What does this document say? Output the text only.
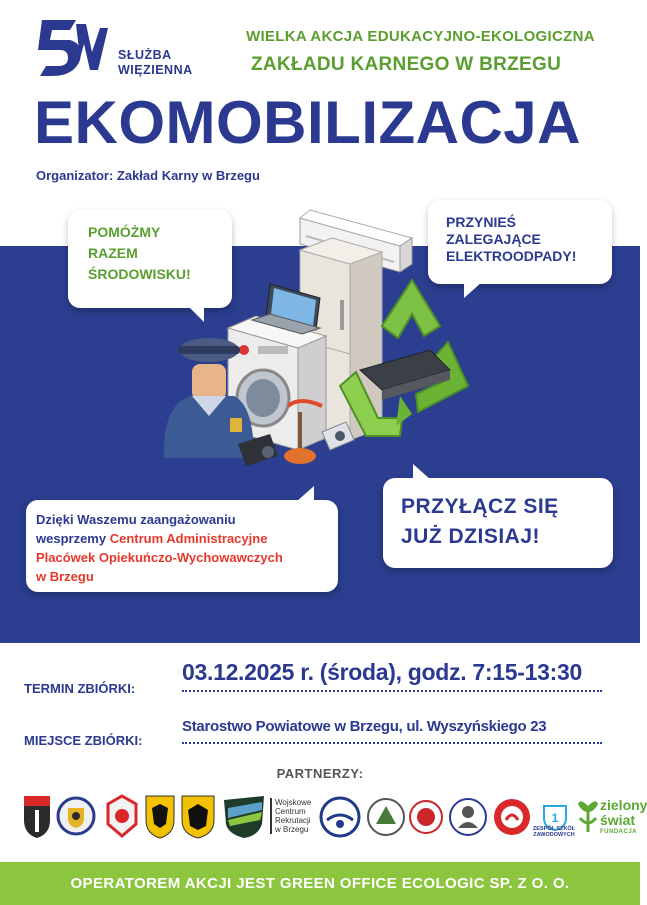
SŁUŻBA
WIĘZIENNA
WIELKA AKCJA EDUKACYJNO-EKOLOGICZNA
ZAKŁADU KARNEGO W BRZEGU
EKOMOBILIZACJA
Organizator: Zakład Karny w Brzegu
POMÓŻMY
RAZEM
ŚRODOWISKU!
PRZYNIEŚ
ZALEGAJĄCE
ELEKTROODPADY!
Dzięki Waszemu zaangażowaniu
wesprzemy Centrum Administracyjne
Placówek Opiekuńczo-Wychowawczych
w Brzegu
PRZYŁĄCZ SIĘ
JUŻ DZISIAJ!
TERMIN ZBIÓRKI:
03.12.2025 r. (środa), godz. 7:15-13:30
MIEJSCE ZBIÓRKI:
Starostwo Powiatowe w Brzegu, ul. Wyszyńskiego 23
PARTNERZY:
Wojskowe
Centrum
Rekrutacji
w Brzegu
1
ZESPÓŁ SZKÓŁ
ZAWODOWYCH
zielony
świat
FUNDACJA
OPERATOREM AKCJI JEST GREEN OFFICE ECOLOGIC SP. Z O. O.
